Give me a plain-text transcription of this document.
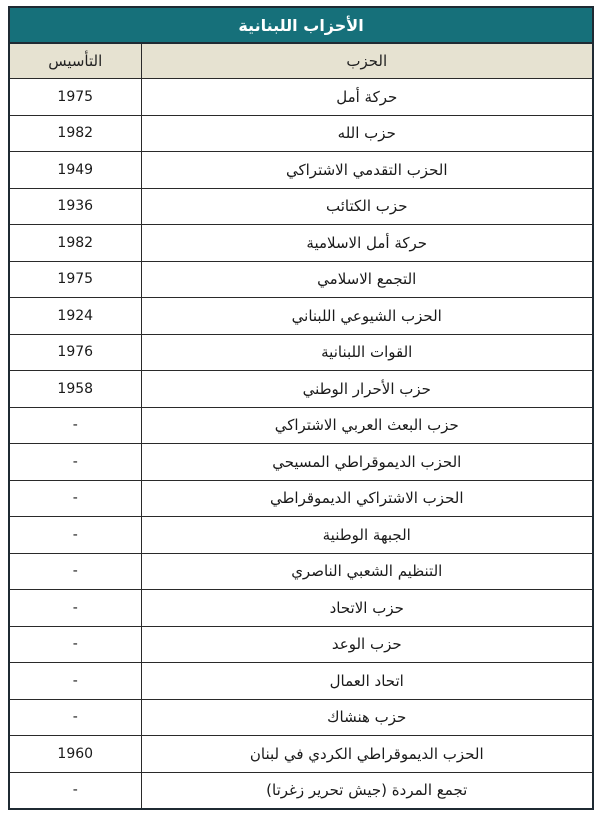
الأحزاب اللبنانية
التأسيس	الحزب
1975	حركة أمل
1982	حزب الله
1949	الحزب التقدمي الاشتراكي
1936	حزب الكتائب
1982	حركة أمل الاسلامية
1975	التجمع الاسلامي
1924	الحزب الشيوعي اللبناني
1976	القوات اللبنانية
1958	حزب الأحرار الوطني
-	حزب البعث العربي الاشتراكي
-	الحزب الديموقراطي المسيحي
-	الحزب الاشتراكي الديموقراطي
-	الجبهة الوطنية
-	التنظيم الشعبي الناصري
-	حزب الاتحاد
-	حزب الوعد
-	اتحاد العمال
-	حزب هنشاك
1960	الحزب الديموقراطي الكردي في لبنان
-	تجمع المردة (جيش تحرير زغرتا)
